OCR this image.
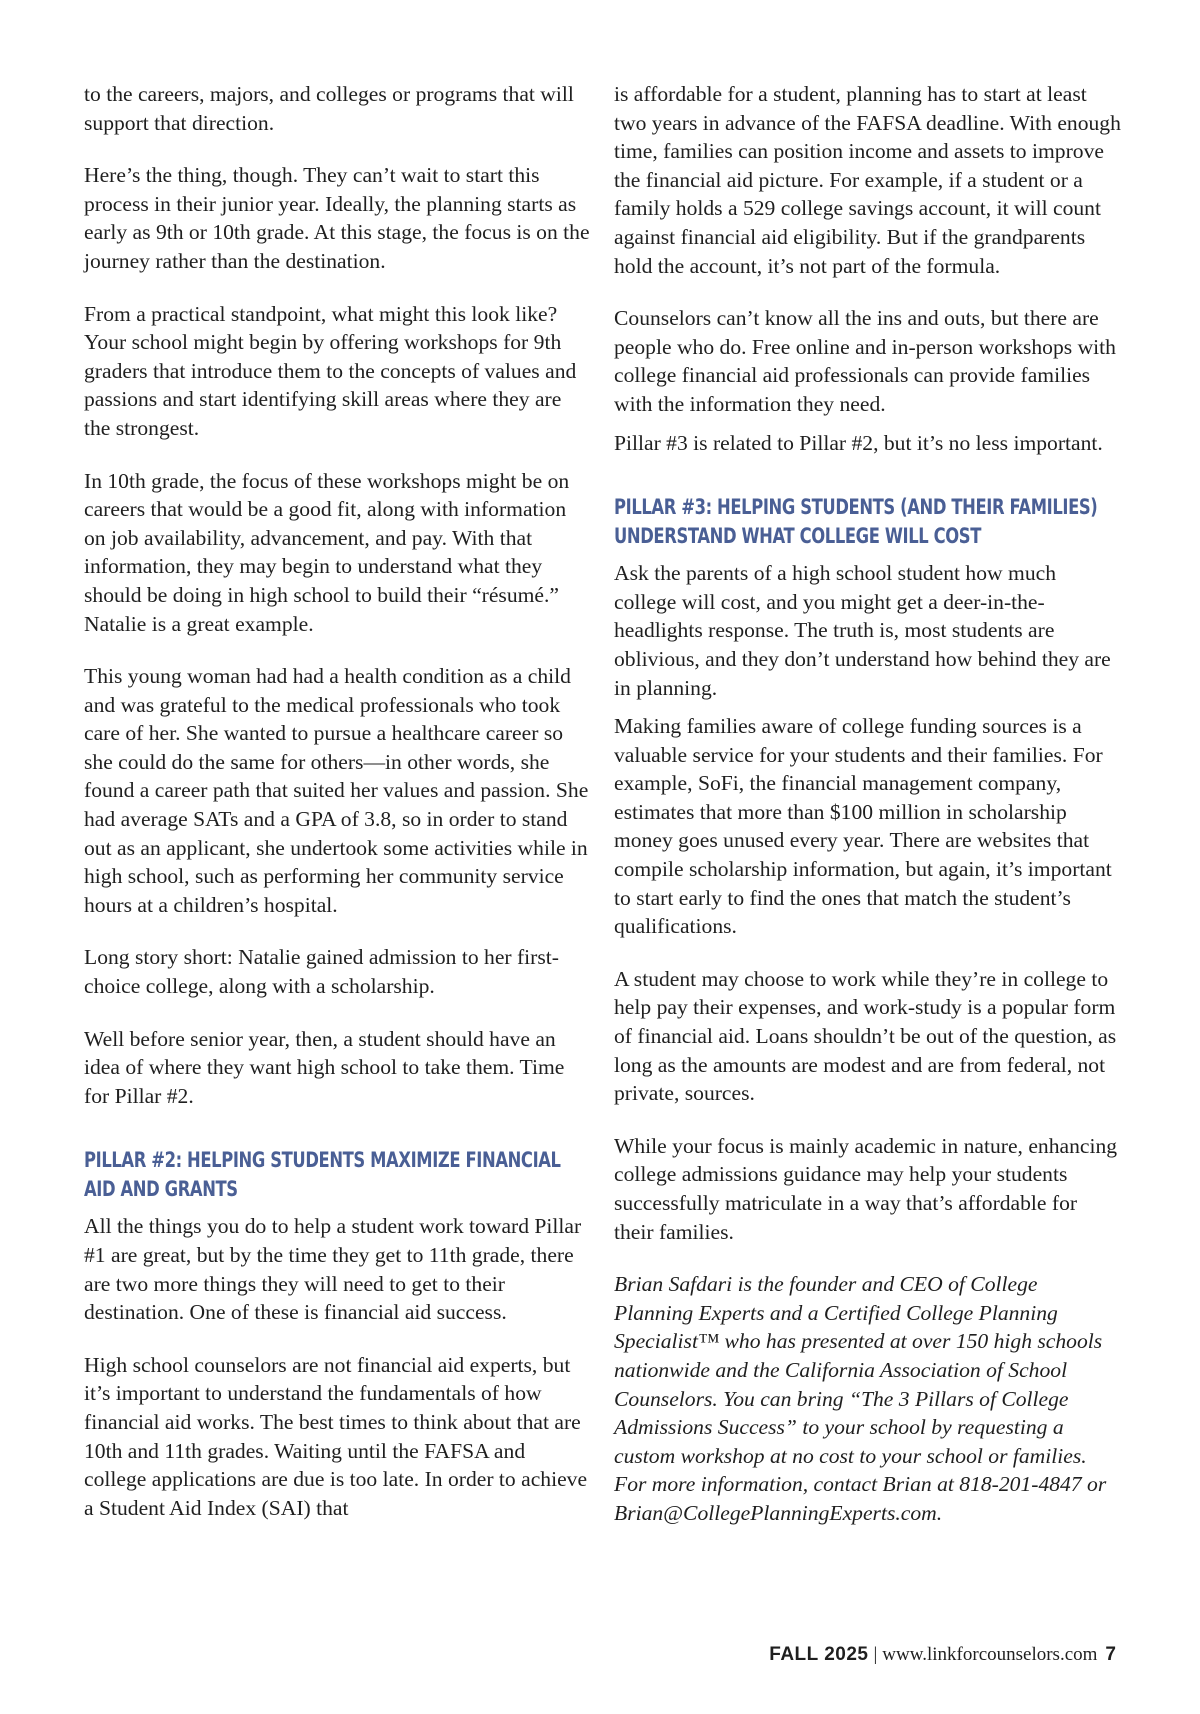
to the careers, majors, and colleges or programs that will support that direction.

Here’s the thing, though. They can’t wait to start this process in their junior year. Ideally, the planning starts as early as 9th or 10th grade. At this stage, the focus is on the journey rather than the destination.

From a practical standpoint, what might this look like? Your school might begin by offering workshops for 9th graders that introduce them to the concepts of values and passions and start identifying skill areas where they are the strongest.

In 10th grade, the focus of these workshops might be on careers that would be a good fit, along with information on job availability, advancement, and pay. With that information, they may begin to understand what they should be doing in high school to build their “résumé.” Natalie is a great example.

This young woman had had a health condition as a child and was grateful to the medical professionals who took care of her. She wanted to pursue a healthcare career so she could do the same for others—in other words, she found a career path that suited her values and passion. She had average SATs and a GPA of 3.8, so in order to stand out as an applicant, she undertook some activities while in high school, such as performing her community service hours at a children’s hospital.

Long story short: Natalie gained admission to her first-choice college, along with a scholarship.

Well before senior year, then, a student should have an idea of where they want high school to take them. Time for Pillar #2.

PILLAR #2: HELPING STUDENTS MAXIMIZE FINANCIAL AID AND GRANTS

All the things you do to help a student work toward Pillar #1 are great, but by the time they get to 11th grade, there are two more things they will need to get to their destination. One of these is financial aid success.

High school counselors are not financial aid experts, but it’s important to understand the fundamentals of how financial aid works. The best times to think about that are 10th and 11th grades. Waiting until the FAFSA and college applications are due is too late. In order to achieve a Student Aid Index (SAI) that

is affordable for a student, planning has to start at least two years in advance of the FAFSA deadline. With enough time, families can position income and assets to improve the financial aid picture. For example, if a student or a family holds a 529 college savings account, it will count against financial aid eligibility. But if the grandparents hold the account, it’s not part of the formula.

Counselors can’t know all the ins and outs, but there are people who do. Free online and in-person workshops with college financial aid professionals can provide families with the information they need.

Pillar #3 is related to Pillar #2, but it’s no less important.

PILLAR #3: HELPING STUDENTS (AND THEIR FAMILIES) UNDERSTAND WHAT COLLEGE WILL COST

Ask the parents of a high school student how much college will cost, and you might get a deer-in-the-headlights response. The truth is, most students are oblivious, and they don’t understand how behind they are in planning.

Making families aware of college funding sources is a valuable service for your students and their families. For example, SoFi, the financial management company, estimates that more than $100 million in scholarship money goes unused every year. There are websites that compile scholarship information, but again, it’s important to start early to find the ones that match the student’s qualifications.

A student may choose to work while they’re in college to help pay their expenses, and work-study is a popular form of financial aid. Loans shouldn’t be out of the question, as long as the amounts are modest and are from federal, not private, sources.

While your focus is mainly academic in nature, enhancing college admissions guidance may help your students successfully matriculate in a way that’s affordable for their families.

Brian Safdari is the founder and CEO of College Planning Experts and a Certified College Planning Specialist™ who has presented at over 150 high schools nationwide and the California Association of School Counselors. You can bring “The 3 Pillars of College Admissions Success” to your school by requesting a custom workshop at no cost to your school or families. For more information, contact Brian at 818-201-4847 or Brian@CollegePlanningExperts.com.

FALL 2025 | www.linkforcounselors.com 7
